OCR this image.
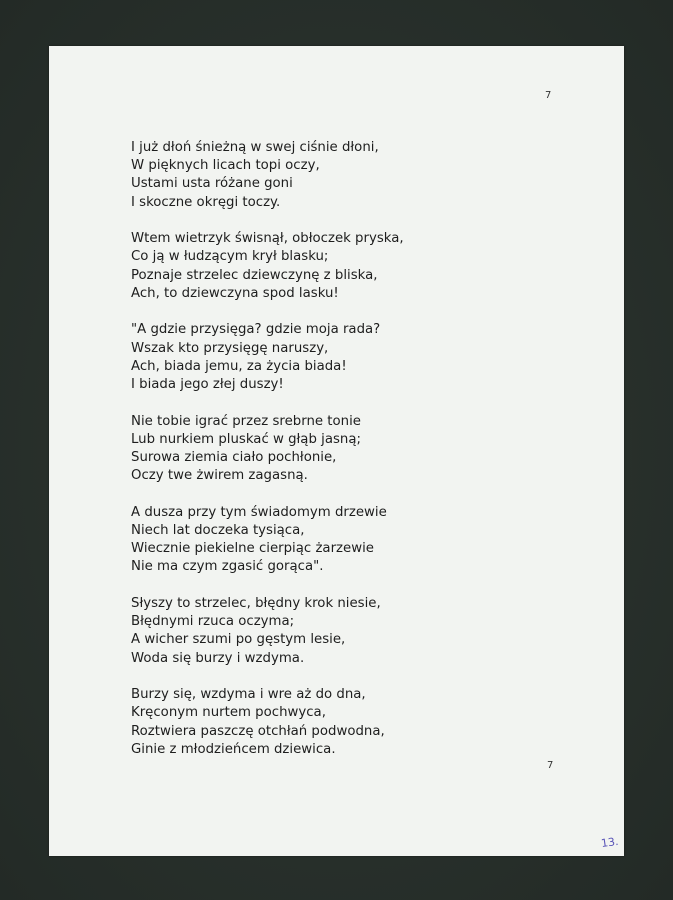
7
I już dłoń śnieżną w swej ciśnie dłoni,
W pięknych licach topi oczy,
Ustami usta różane goni
I skoczne okręgi toczy.
Wtem wietrzyk świsnął, obłoczek pryska,
Co ją w łudzącym krył blasku;
Poznaje strzelec dziewczynę z bliska,
Ach, to dziewczyna spod lasku!
"A gdzie przysięga? gdzie moja rada?
Wszak kto przysięgę naruszy,
Ach, biada jemu, za życia biada!
I biada jego złej duszy!
Nie tobie igrać przez srebrne tonie
Lub nurkiem pluskać w głąb jasną;
Surowa ziemia ciało pochłonie,
Oczy twe żwirem zagasną.
A dusza przy tym świadomym drzewie
Niech lat doczeka tysiąca,
Wiecznie piekielne cierpiąc żarzewie
Nie ma czym zgasić gorąca".
Słyszy to strzelec, błędny krok niesie,
Błędnymi rzuca oczyma;
A wicher szumi po gęstym lesie,
Woda się burzy i wzdyma.
Burzy się, wzdyma i wre aż do dna,
Kręconym nurtem pochwyca,
Roztwiera paszczę otchłań podwodna,
Ginie z młodzieńcem dziewica.
7
13.
